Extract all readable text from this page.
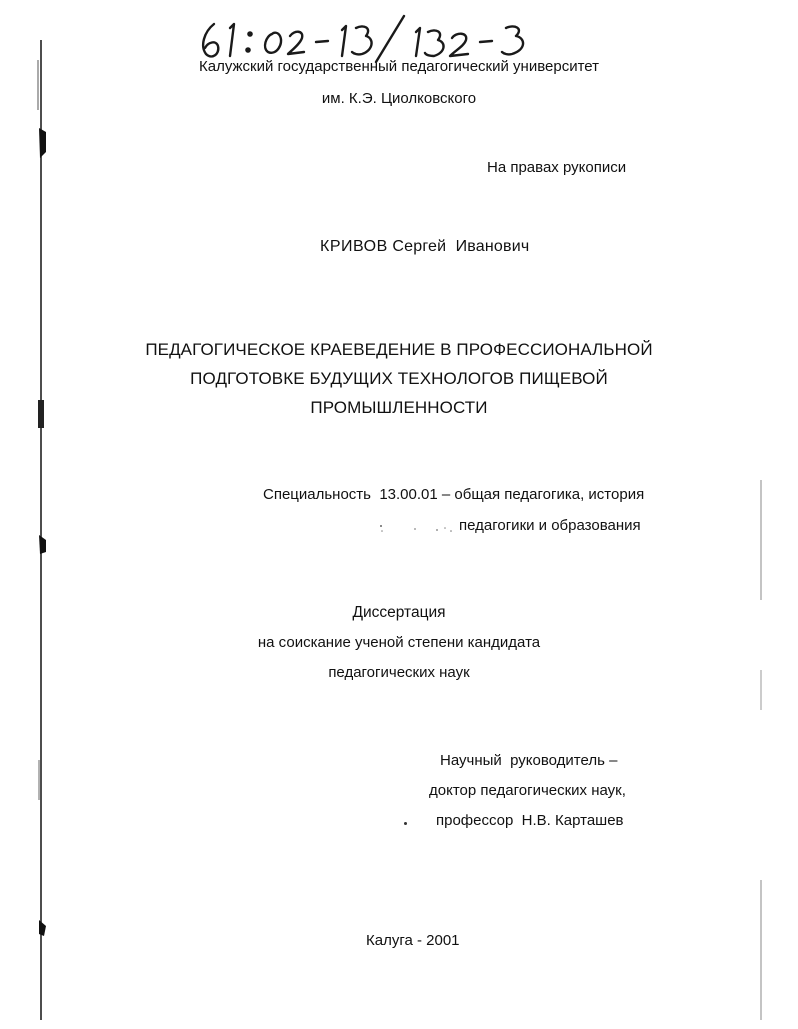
Калужский государственный педагогический университет
им. К.Э. Циолковского
На правах рукописи
КРИВОВ Сергей  Иванович
ПЕДАГОГИЧЕСКОЕ КРАЕВЕДЕНИЕ В ПРОФЕССИОНАЛЬНОЙ
ПОДГОТОВКЕ БУДУЩИХ ТЕХНОЛОГОВ ПИЩЕВОЙ
ПРОМЫШЛЕННОСТИ
Специальность  13.00.01 – общая педагогика, история
педагогики и образования
Диссертация
на соискание ученой степени кандидата
педагогических наук
Научный  руководитель –
доктор педагогических наук,
профессор  Н.В. Карташев
Калуга - 2001
